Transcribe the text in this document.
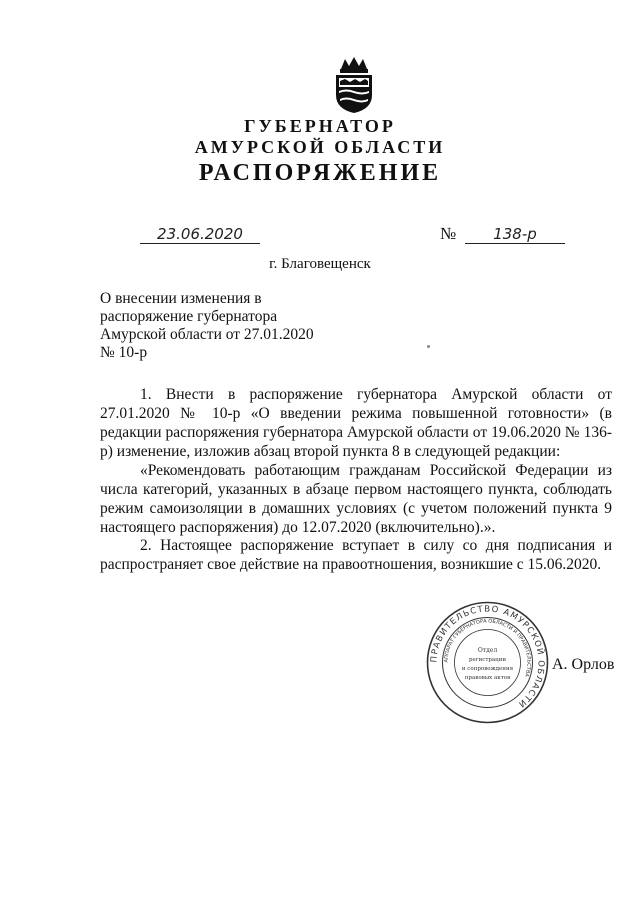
ГУБЕРНАТОР
АМУРСКОЙ ОБЛАСТИ
РАСПОРЯЖЕНИЕ
23.06.2020	№	138-р
г. Благовещенск
О внесении изменения в
распоряжение губернатора
Амурской области от 27.01.2020
№ 10-р

1. Внести в распоряжение губернатора Амурской области от 27.01.2020 № 10-р «О введении режима повышенной готовности» (в редакции распоряжения губернатора Амурской области от 19.06.2020 № 136-р) изменение, изложив абзац второй пункта 8 в следующей редакции:

«Рекомендовать работающим гражданам Российской Федерации из числа категорий, указанных в абзаце первом настоящего пункта, соблюдать режим самоизоляции в домашних условиях (с учетом положений пункта 9 настоящего распоряжения) до 12.07.2020 (включительно).».

2. Настоящее распоряжение вступает в силу со дня подписания и распространяет свое действие на правоотношения, возникшие с 15.06.2020.

ПРАВИТЕЛЬСТВО АМУРСКОЙ ОБЛАСТИ
АППАРАТ ГУБЕРНАТОРА ОБЛАСТИ И ПРАВИТЕЛЬСТВА
Отдел
регистрации
и сопровождения
правовых актов
А. Орлов
